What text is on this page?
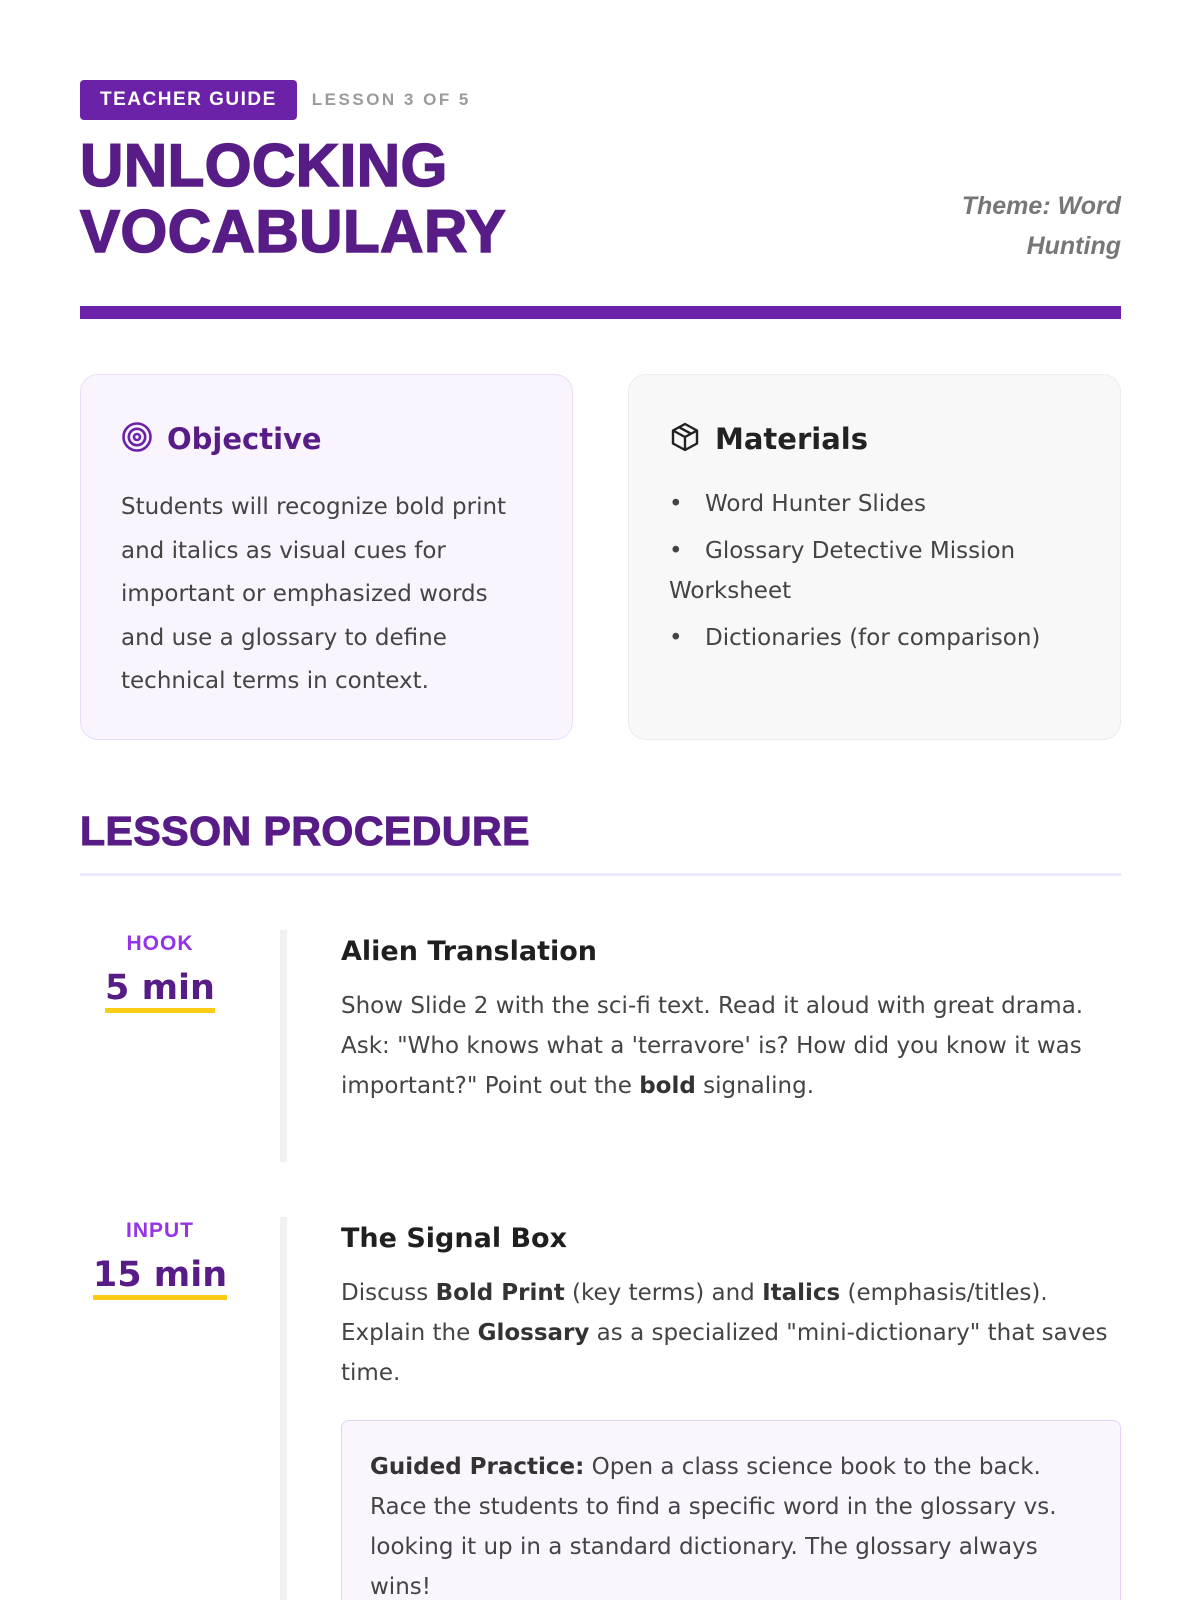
TEACHER GUIDE	LESSON 3 OF 5
UNLOCKING
VOCABULARY	Theme: Word
Hunting
Objective

Students will recognize bold print and italics as visual cues for important or emphasized words and use a glossary to define technical terms in context.

Materials
• Word Hunter Slides
• Glossary Detective Mission Worksheet
• Dictionaries (for comparison)
LESSON PROCEDURE
HOOK
5 min
Alien Translation

Show Slide 2 with the sci-fi text. Read it aloud with great drama. Ask: "Who knows what a 'terravore' is? How did you know it was important?" Point out the bold signaling.

INPUT
15 min
The Signal Box

Discuss Bold Print (key terms) and Italics (emphasis/titles). Explain the Glossary as a specialized "mini-dictionary" that saves time.

Guided Practice: Open a class science book to the back. Race the students to find a specific word in the glossary vs. looking it up in a standard dictionary. The glossary always wins!
